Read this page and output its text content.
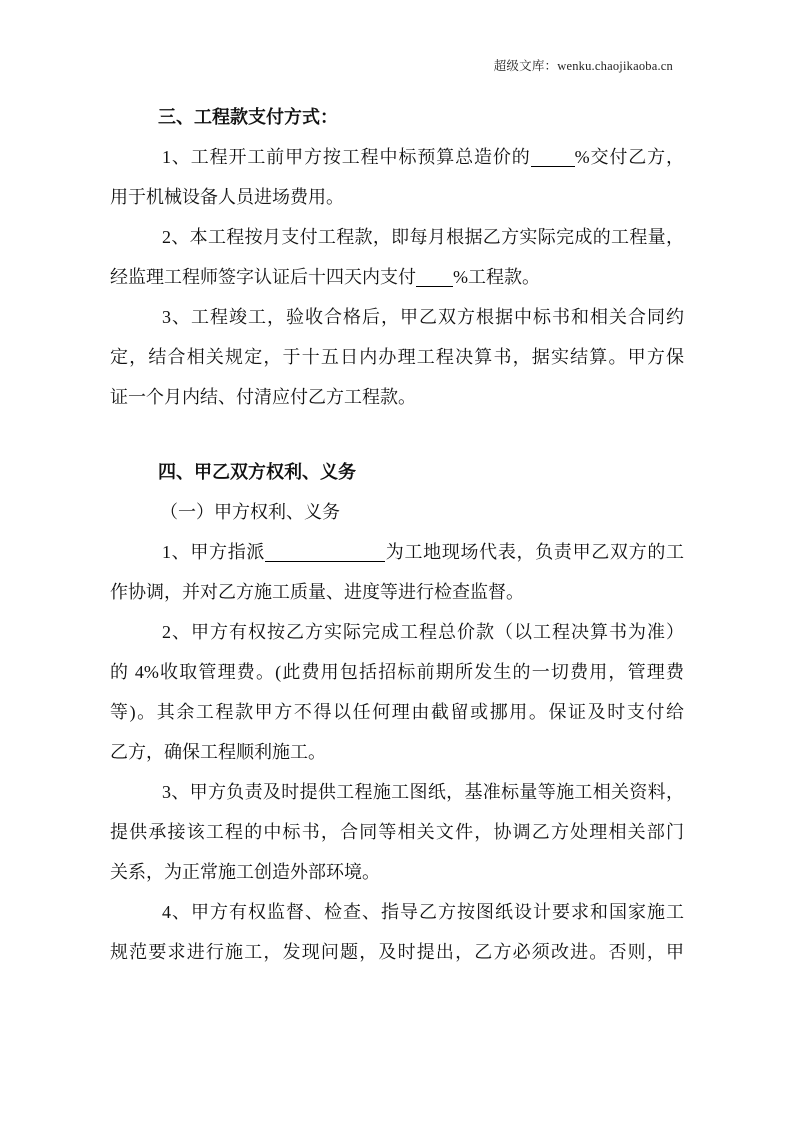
超级文库：wenku.chaojikaoba.cn
三、工程款支付方式：
1、工程开工前甲方按工程中标预算总造价的 %交付乙方，
用于机械设备人员进场费用。
2、本工程按月支付工程款，即每月根据乙方实际完成的工程量，
经监理工程师签字认证后十四天内支付 %工程款。
3、工程竣工，验收合格后，甲乙双方根据中标书和相关合同约
定，结合相关规定，于十五日内办理工程决算书，据实结算。甲方保
证一个月内结、付清应付乙方工程款。
四、甲乙双方权利、义务
（一）甲方权利、义务
1、甲方指派	为工地现场代表，负责甲乙双方的工
作协调，并对乙方施工质量、进度等进行检查监督。
2、甲方有权按乙方实际完成工程总价款（以工程决算书为准）
的 4%收取管理费。(此费用包括招标前期所发生的一切费用，管理费
等)。其余工程款甲方不得以任何理由截留或挪用。保证及时支付给
乙方，确保工程顺利施工。
3、甲方负责及时提供工程施工图纸，基准标量等施工相关资料，
提供承接该工程的中标书，合同等相关文件，协调乙方处理相关部门
关系，为正常施工创造外部环境。
4、甲方有权监督、检查、指导乙方按图纸设计要求和国家施工
规范要求进行施工，发现问题，及时提出，乙方必须改进。否则，甲
